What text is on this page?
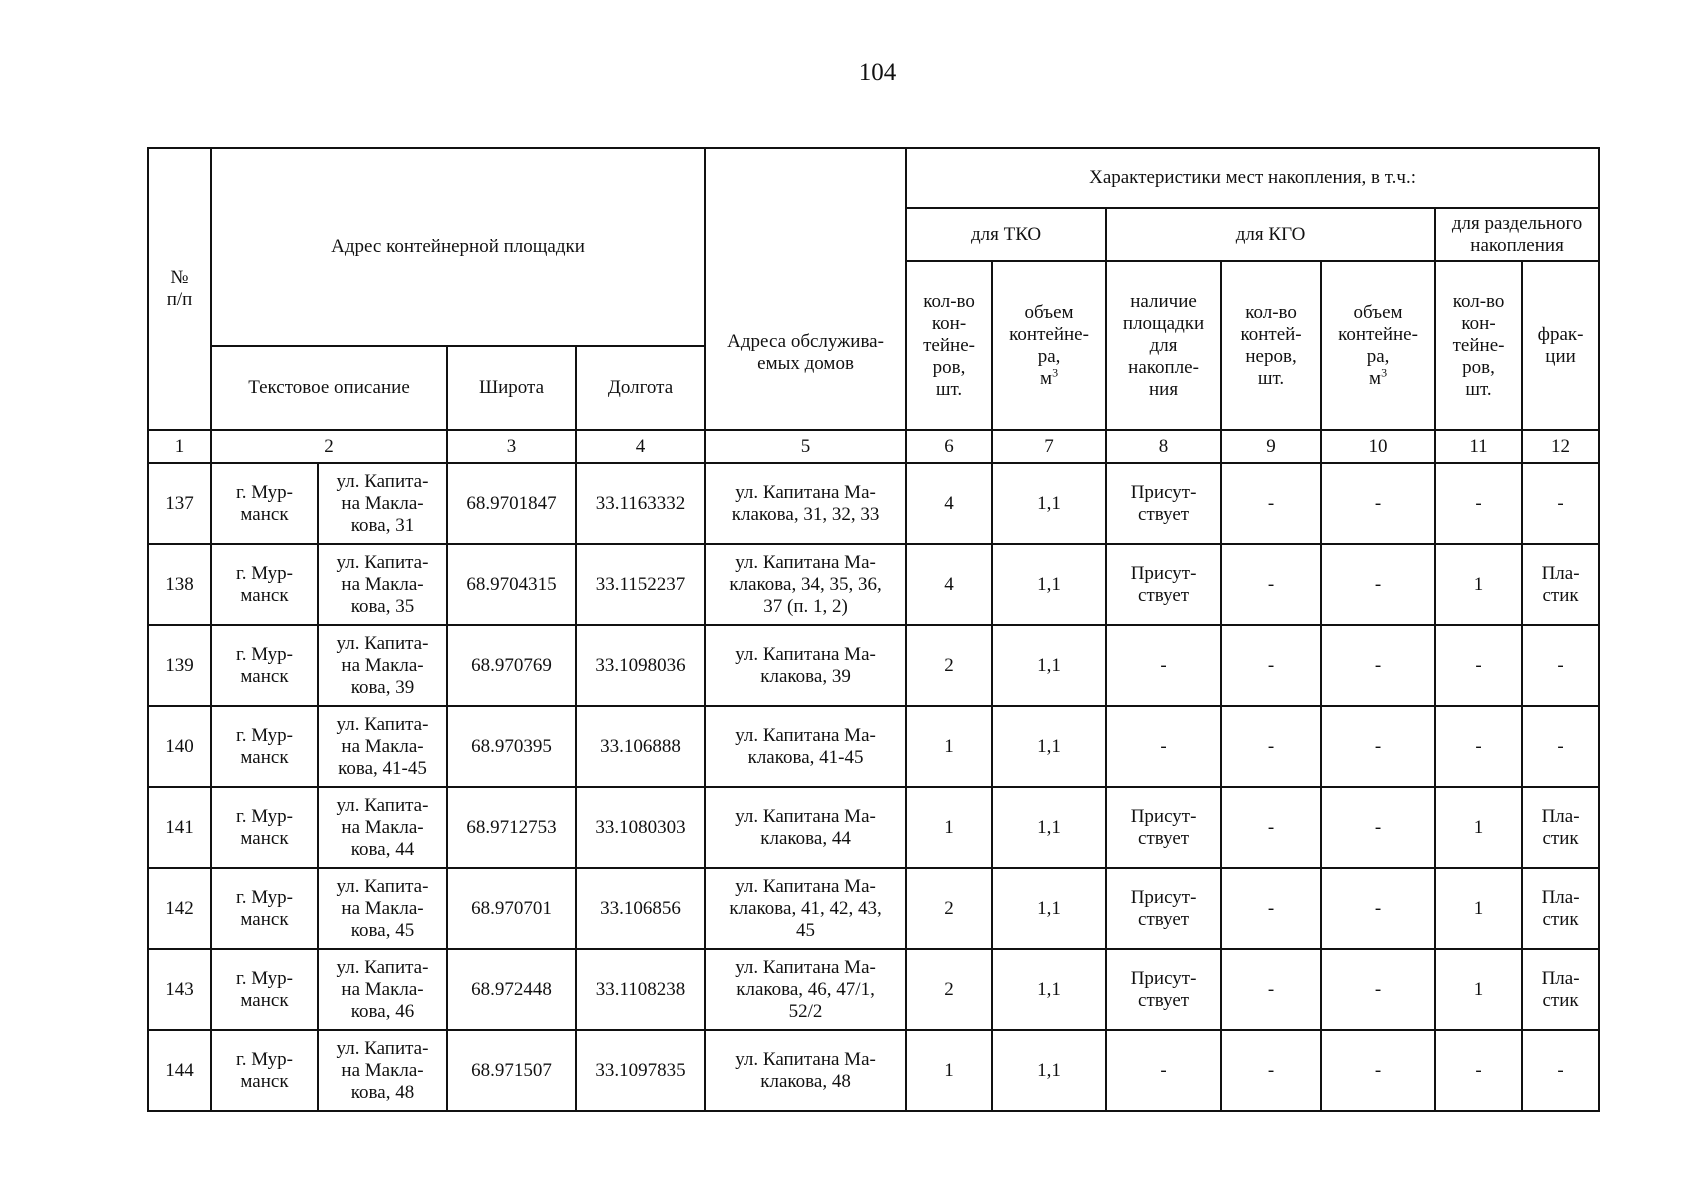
104
№
п/п	Адрес контейнерной площадки				Адреса обслужива-
емых домов	Характеристики мест накопления, в т.ч.:						
						для ТКО		для КГО			для раздельного
накопления	
						кол-во
кон-
тейне-
ров,
шт.	объем
контейне-
ра,
$м^3$	наличие
площадки
для
накопле-
ния	кол-во
контей-
неров,
шт.	объем
контейне-
ра,
$м^3$	кол-во
кон-
тейне-
ров,
шт.	фрак-
ции
	Текстовое описание		Широта	Долгота								
1	2		3	4	5	6	7	8	9	10	11	12
137	г. Мур-
манск	ул. Капита-
на Макла-
кова, 31	68.9701847	33.1163332	ул. Капитана Ма-
клакова, 31, 32, 33	4	1,1	Присут-
ствует	-	-	-	-
138	г. Мур-
манск	ул. Капита-
на Макла-
кова, 35	68.9704315	33.1152237	ул. Капитана Ма-
клакова, 34, 35, 36,
37 (п. 1, 2)	4	1,1	Присут-
ствует	-	-	1	Пла-
стик
139	г. Мур-
манск	ул. Капита-
на Макла-
кова, 39	68.970769	33.1098036	ул. Капитана Ма-
клакова, 39	2	1,1	-	-	-	-	-
140	г. Мур-
манск	ул. Капита-
на Макла-
кова, 41-45	68.970395	33.106888	ул. Капитана Ма-
клакова, 41-45	1	1,1	-	-	-	-	-
141	г. Мур-
манск	ул. Капита-
на Макла-
кова, 44	68.9712753	33.1080303	ул. Капитана Ма-
клакова, 44	1	1,1	Присут-
ствует	-	-	1	Пла-
стик
142	г. Мур-
манск	ул. Капита-
на Макла-
кова, 45	68.970701	33.106856	ул. Капитана Ма-
клакова, 41, 42, 43,
45	2	1,1	Присут-
ствует	-	-	1	Пла-
стик
143	г. Мур-
манск	ул. Капита-
на Макла-
кова, 46	68.972448	33.1108238	ул. Капитана Ма-
клакова, 46, 47/1,
52/2	2	1,1	Присут-
ствует	-	-	1	Пла-
стик
144	г. Мур-
манск	ул. Капита-
на Макла-
кова, 48	68.971507	33.1097835	ул. Капитана Ма-
клакова, 48	1	1,1	-	-	-	-	-
